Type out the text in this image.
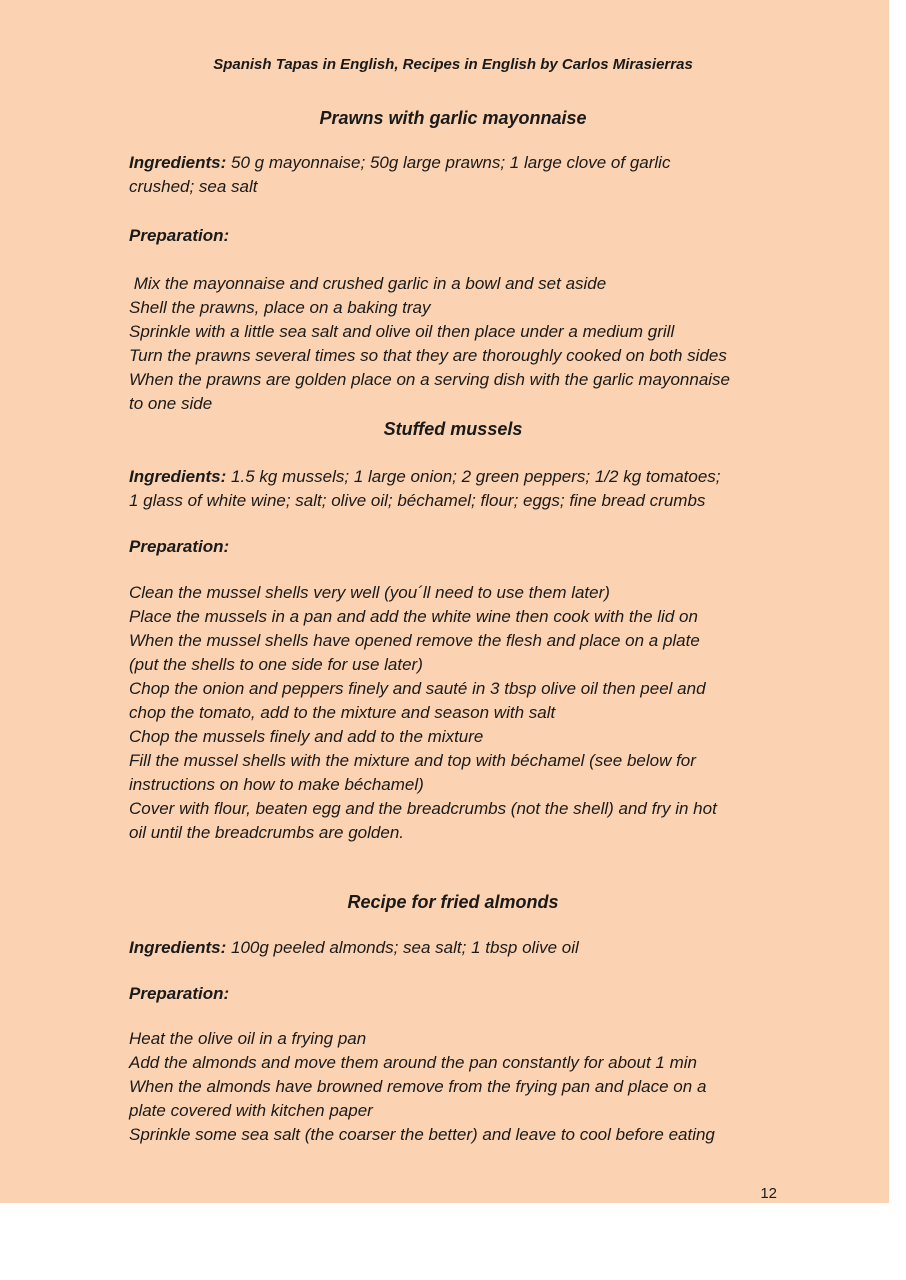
Spanish Tapas in English, Recipes in English by Carlos Mirasierras
Prawns with garlic mayonnaise
Ingredients: 50 g mayonnaise; 50g large prawns; 1 large clove of garlic
crushed; sea salt
Preparation:
Mix the mayonnaise and crushed garlic in a bowl and set aside
Shell the prawns, place on a baking tray
Sprinkle with a little sea salt and olive oil then place under a medium grill
Turn the prawns several times so that they are thoroughly cooked on both sides
When the prawns are golden place on a serving dish with the garlic mayonnaise
to one side
Stuffed mussels
Ingredients: 1.5 kg mussels; 1 large onion; 2 green peppers; 1/2 kg tomatoes;
1 glass of white wine; salt; olive oil; béchamel; flour; eggs; fine bread crumbs
Preparation:
Clean the mussel shells very well (you´ll need to use them later)
Place the mussels in a pan and add the white wine then cook with the lid on
When the mussel shells have opened remove the flesh and place on a plate
(put the shells to one side for use later)
Chop the onion and peppers finely and sauté in 3 tbsp olive oil then peel and
chop the tomato, add to the mixture and season with salt
Chop the mussels finely and add to the mixture
Fill the mussel shells with the mixture and top with béchamel (see below for
instructions on how to make béchamel)
Cover with flour, beaten egg and the breadcrumbs (not the shell) and fry in hot
oil until the breadcrumbs are golden.
Recipe for fried almonds
Ingredients: 100g peeled almonds; sea salt; 1 tbsp olive oil
Preparation:
Heat the olive oil in a frying pan
Add the almonds and move them around the pan constantly for about 1 min
When the almonds have browned remove from the frying pan and place on a
plate covered with kitchen paper
Sprinkle some sea salt (the coarser the better) and leave to cool before eating
12
